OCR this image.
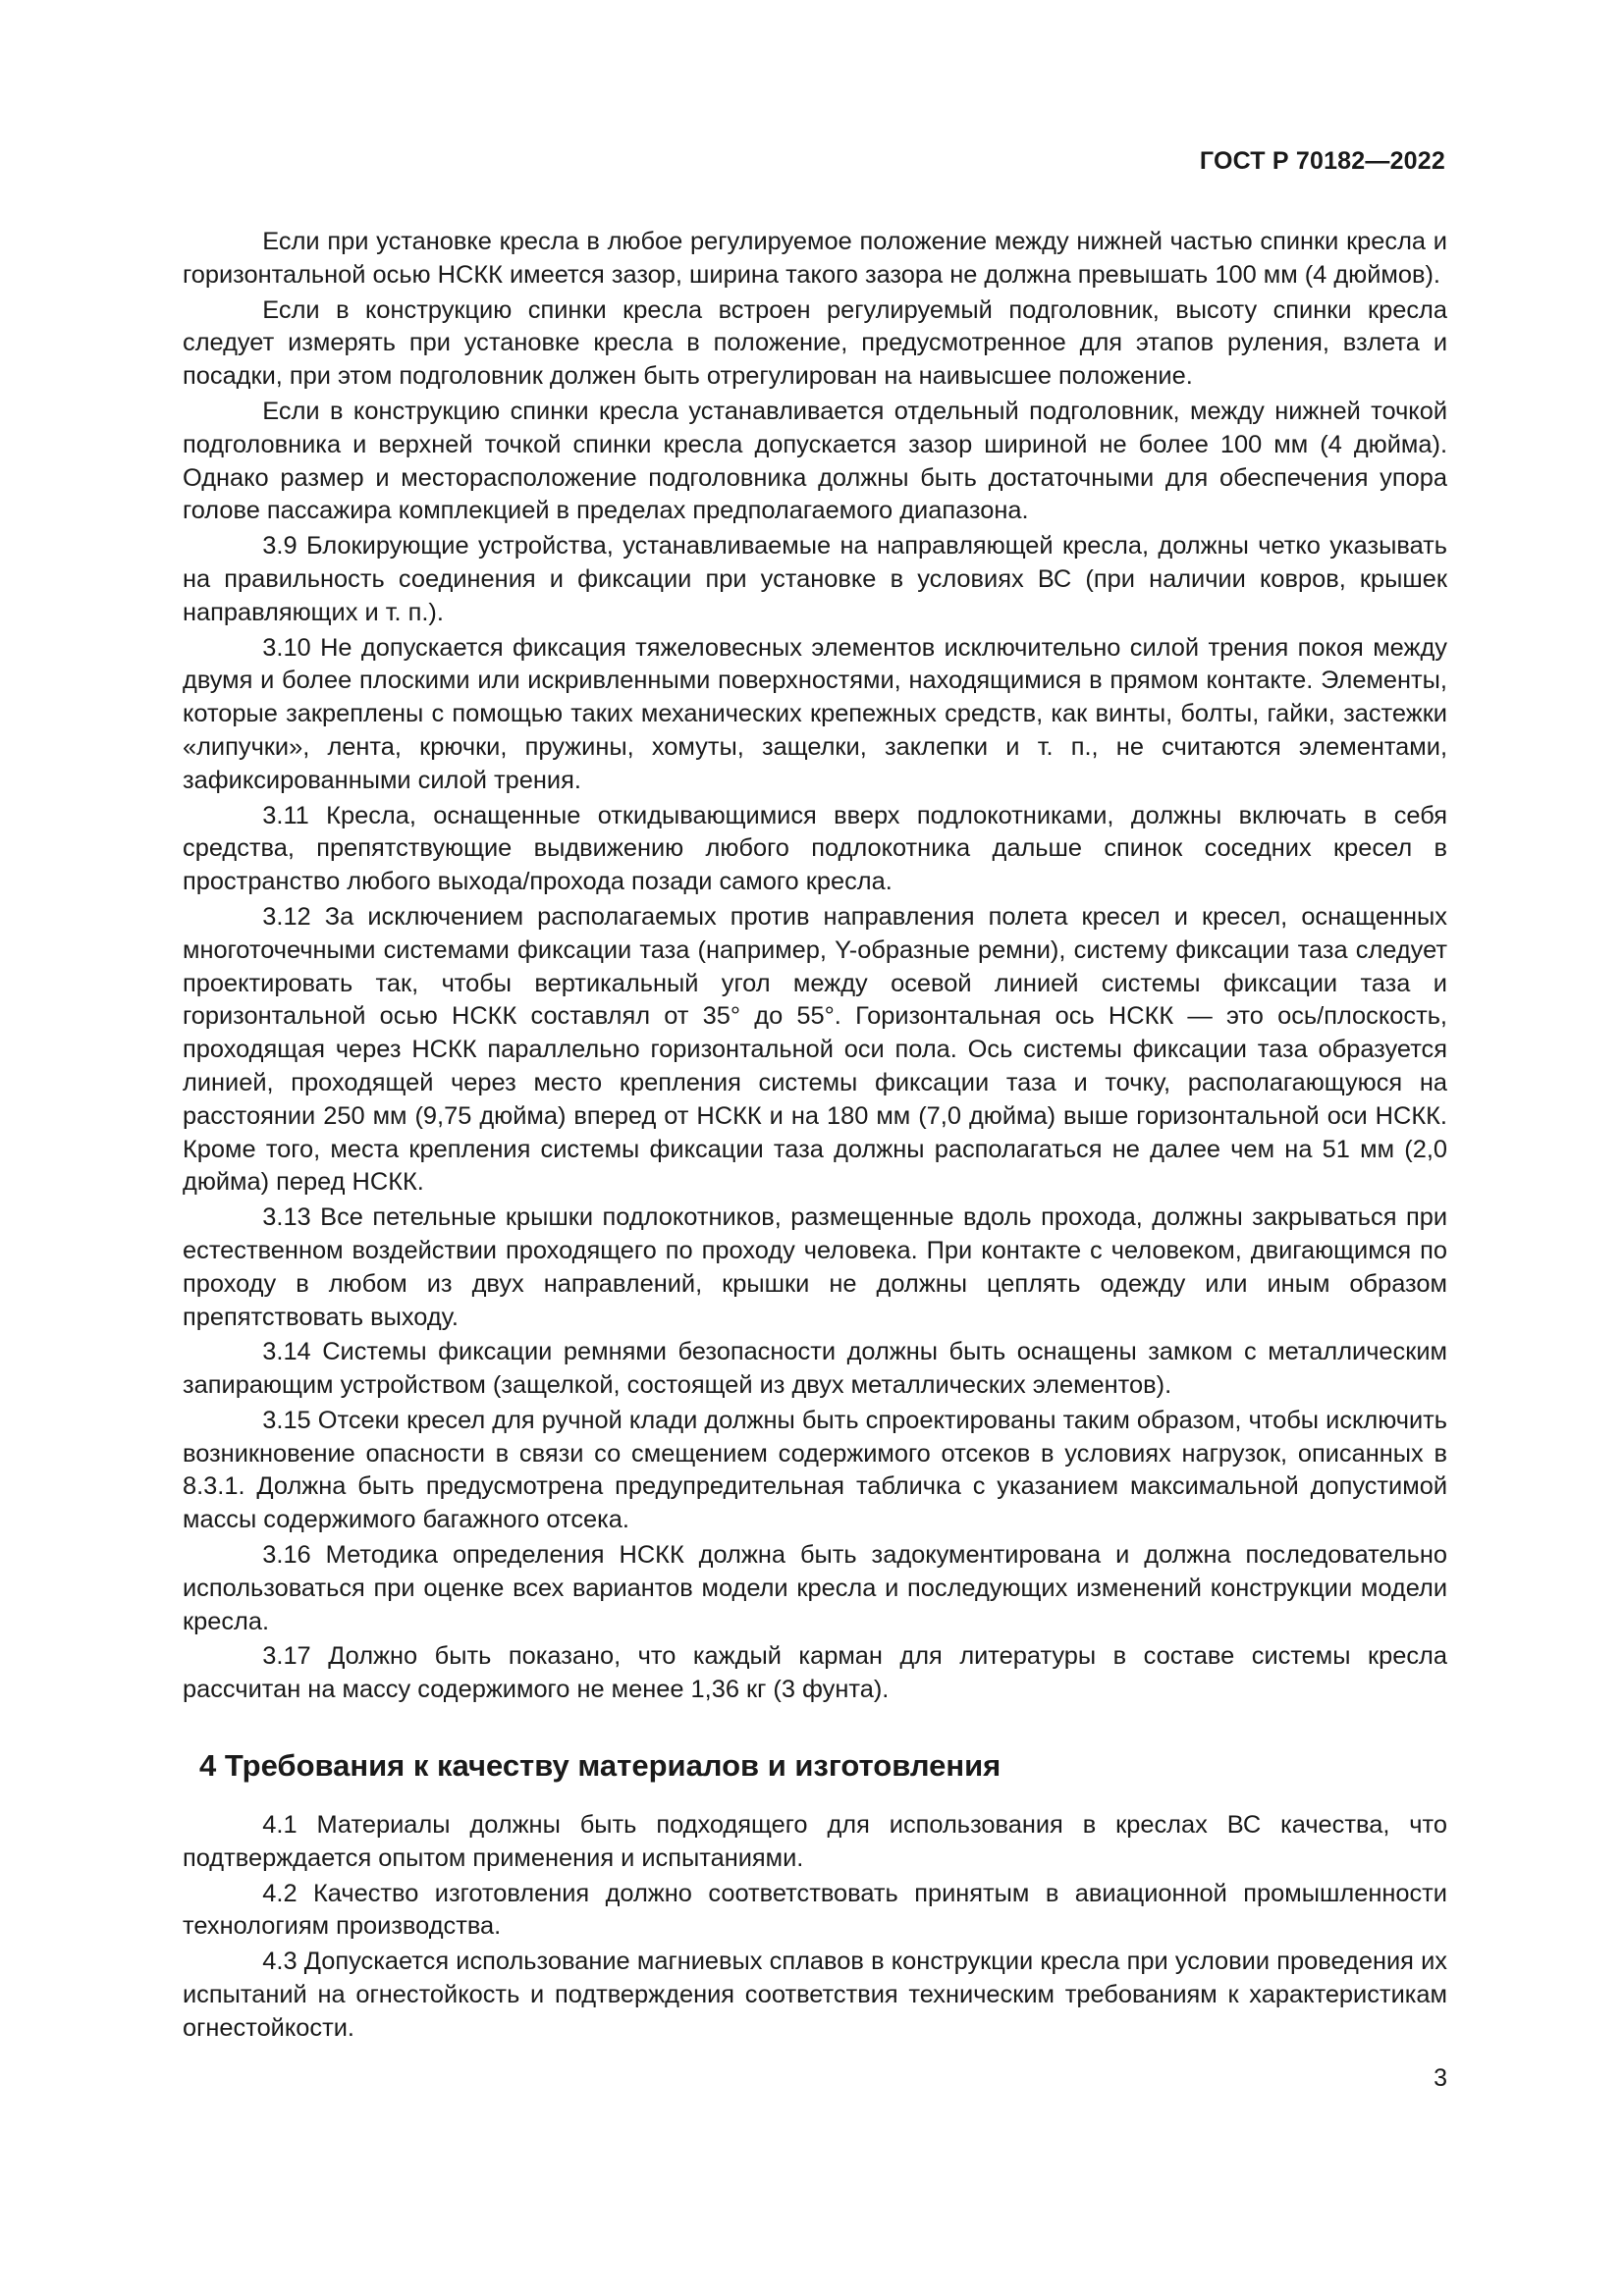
ГОСТ Р 70182—2022

Если при установке кресла в любое регулируемое положение между нижней частью спинки кресла и горизонтальной осью НСКК имеется зазор, ширина такого зазора не должна превышать 100 мм (4 дюймов).

Если в конструкцию спинки кресла встроен регулируемый подголовник, высоту спинки кресла следует измерять при установке кресла в положение, предусмотренное для этапов руления, взлета и посадки, при этом подголовник должен быть отрегулирован на наивысшее положение.

Если в конструкцию спинки кресла устанавливается отдельный подголовник, между нижней точкой подголовника и верхней точкой спинки кресла допускается зазор шириной не более 100 мм (4 дюйма). Однако размер и месторасположение подголовника должны быть достаточными для обеспечения упора голове пассажира комплекцией в пределах предполагаемого диапазона.

3.9 Блокирующие устройства, устанавливаемые на направляющей кресла, должны четко указывать на правильность соединения и фиксации при установке в условиях ВС (при наличии ковров, крышек направляющих и т. п.).

3.10 Не допускается фиксация тяжеловесных элементов исключительно силой трения покоя между двумя и более плоскими или искривленными поверхностями, находящимися в прямом контакте. Элементы, которые закреплены с помощью таких механических крепежных средств, как винты, болты, гайки, застежки «липучки», лента, крючки, пружины, хомуты, защелки, заклепки и т. п., не считаются элементами, зафиксированными силой трения.

3.11 Кресла, оснащенные откидывающимися вверх подлокотниками, должны включать в себя средства, препятствующие выдвижению любого подлокотника дальше спинок соседних кресел в пространство любого выхода/прохода позади самого кресла.

3.12 За исключением располагаемых против направления полета кресел и кресел, оснащенных многоточечными системами фиксации таза (например, Y-образные ремни), систему фиксации таза следует проектировать так, чтобы вертикальный угол между осевой линией системы фиксации таза и горизонтальной осью НСКК составлял от 35° до 55°. Горизонтальная ось НСКК — это ось/плоскость, проходящая через НСКК параллельно горизонтальной оси пола. Ось системы фиксации таза образуется линией, проходящей через место крепления системы фиксации таза и точку, располагающуюся на расстоянии 250 мм (9,75 дюйма) вперед от НСКК и на 180 мм (7,0 дюйма) выше горизонтальной оси НСКК. Кроме того, места крепления системы фиксации таза должны располагаться не далее чем на 51 мм (2,0 дюйма) перед НСКК.

3.13 Все петельные крышки подлокотников, размещенные вдоль прохода, должны закрываться при естественном воздействии проходящего по проходу человека. При контакте с человеком, двигающимся по проходу в любом из двух направлений, крышки не должны цеплять одежду или иным образом препятствовать выходу.

3.14 Системы фиксации ремнями безопасности должны быть оснащены замком с металлическим запирающим устройством (защелкой, состоящей из двух металлических элементов).

3.15 Отсеки кресел для ручной клади должны быть спроектированы таким образом, чтобы исключить возникновение опасности в связи со смещением содержимого отсеков в условиях нагрузок, описанных в 8.3.1. Должна быть предусмотрена предупредительная табличка с указанием максимальной допустимой массы содержимого багажного отсека.

3.16 Методика определения НСКК должна быть задокументирована и должна последовательно использоваться при оценке всех вариантов модели кресла и последующих изменений конструкции модели кресла.

3.17 Должно быть показано, что каждый карман для литературы в составе системы кресла рассчитан на массу содержимого не менее 1,36 кг (3 фунта).

4 Требования к качеству материалов и изготовления

4.1 Материалы должны быть подходящего для использования в креслах ВС качества, что подтверждается опытом применения и испытаниями.

4.2 Качество изготовления должно соответствовать принятым в авиационной промышленности технологиям производства.

4.3 Допускается использование магниевых сплавов в конструкции кресла при условии проведения их испытаний на огнестойкость и подтверждения соответствия техническим требованиям к характеристикам огнестойкости.

3
